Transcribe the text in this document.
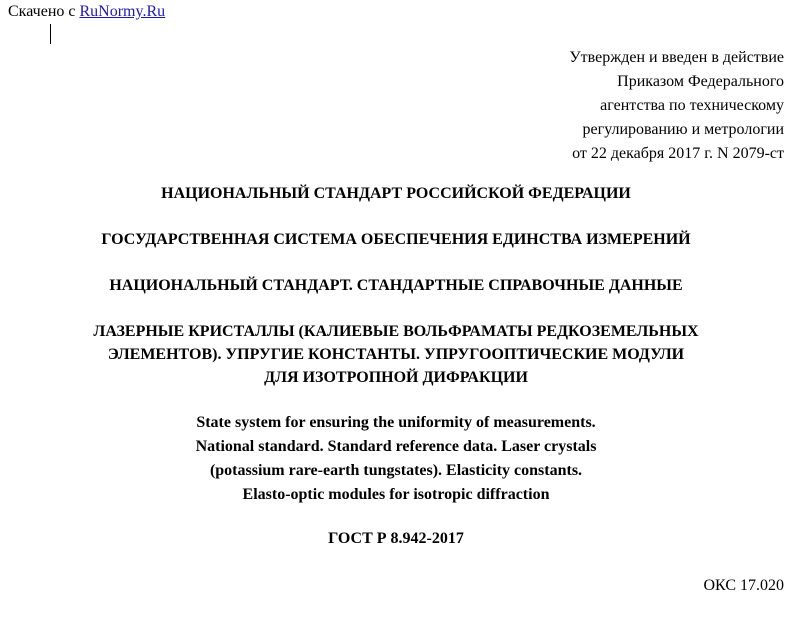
Скачено с RuNormy.Ru
Утвержден и введен в действие
Приказом Федерального
агентства по техническому
регулированию и метрологии
от 22 декабря 2017 г. N 2079-ст
НАЦИОНАЛЬНЫЙ СТАНДАРТ РОССИЙСКОЙ ФЕДЕРАЦИИ
ГОСУДАРСТВЕННАЯ СИСТЕМА ОБЕСПЕЧЕНИЯ ЕДИНСТВА ИЗМЕРЕНИЙ
НАЦИОНАЛЬНЫЙ СТАНДАРТ. СТАНДАРТНЫЕ СПРАВОЧНЫЕ ДАННЫЕ
ЛАЗЕРНЫЕ КРИСТАЛЛЫ (КАЛИЕВЫЕ ВОЛЬФРАМАТЫ РЕДКОЗЕМЕЛЬНЫХ
ЭЛЕМЕНТОВ). УПРУГИЕ КОНСТАНТЫ. УПРУГООПТИЧЕСКИЕ МОДУЛИ
ДЛЯ ИЗОТРОПНОЙ ДИФРАКЦИИ
State system for ensuring the uniformity of measurements.
National standard. Standard reference data. Laser crystals
(potassium rare-earth tungstates). Elasticity constants.
Elasto-optic modules for isotropic diffraction
ГОСТ Р 8.942-2017
ОКС 17.020
